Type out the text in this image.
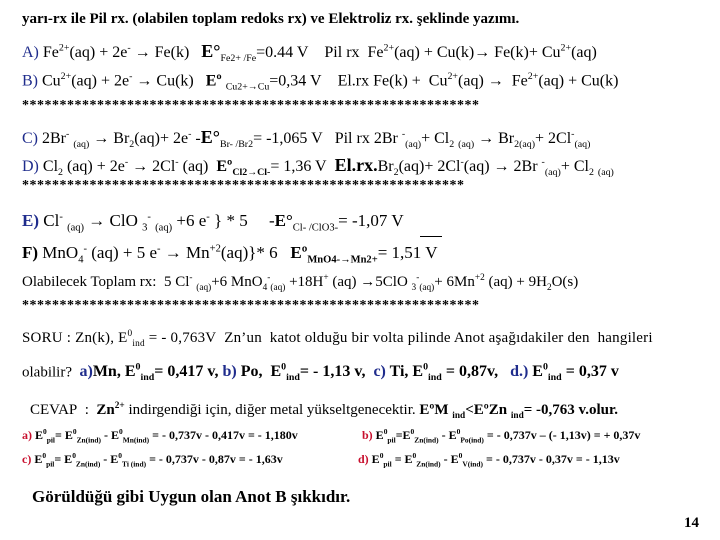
yarı-rx ile Pil rx. (olabilen toplam redoks rx) ve Elektroliz rx. şeklinde yazımı.
A) $Fe^{2+}(aq) + 2e^- \to Fe(k)$   $E^\circ_{Fe2+ /Fe}=0.44$ V    Pil rx  $Fe^{2+}(aq) + Cu(k)\to Fe(k)+ Cu^{2+}(aq)$
B) $Cu^{2+}(aq) + 2e^- \to Cu(k)$   Eº $_{Cu2+\to Cu}$=0,34 V    El.rx $Fe(k) + Cu^{2+}(aq) \to Fe^{2+}(aq) + Cu(k)$
*************************************************************
C) 2Br- $_{(aq)} \to Br_2(aq)+ 2e^-$ $-E^\circ_{Br- /Br2}= -1,065$ V   Pil rx 2Br $^-_{(aq)}+ Cl_2$ $_{(aq)} \to Br_{2(aq)}+ 2Cl^-_{(aq)}$
D) $Cl_2$ (aq) + 2e- → 2Cl- (aq)  Eº$_{Cl2\to Cl-}$= 1,36 V  $El.rx.Br_2(aq)+ 2Cl^-(aq) \to 2Br$ $^-_{(aq)}+ Cl_2$ $_{(aq)}$
***********************************************************
E) Cl- $_{(aq)}$ → ClO $_3$- $_{(aq)}$ +6 e- } * 5     $-E^\circ_{Cl- /ClO3-}= -1,07$ V
F) MnO$_4$- (aq) + 5 $e^- \to Mn^{+2}(aq)\}*$ 6   Eº$_{MnO4-\to Mn2+}$= 1,51 V
Olabilecek Toplam rx:  5 Cl- $_{(aq)}$+6 MnO$_4$-$_{(aq)}$ +18H+ (aq) →5ClO $_3^-_{(aq)}+ 6Mn^{+2}$ $(aq) + 9H_2O(s)$
*************************************************************
SORU : Zn(k), $E^0_{ind}$ = - 0,763V  Zn’un  katot olduğu bir volta pilinde Anot aşağıdakiler den  hangileri
olabilir? a)Mn, $E^0_{ind}= 0,417$ v, b) Po,  $E^0_{ind}= - 1,13$ v,  c) Ti, $E^0_{ind} = 0,87v$,   d.) $E^0_{ind} = 0,37$ v
CEVAP  :  $Zn^{2+}$ indirgendiği için, diğer metal yükseltgenecektir. EºM $_{ind}$<EºZn $_{ind}$= -0,763 v.olur.
a) $E^0_{pil}= E^0_{Zn(ind)} - E^0_{Mn(ind)}$ = - 0,737v - 0,417v = - 1,180v	b) $E^0_{pil}=E^0_{Zn(ind)} - E^0_{Po(ind)}$ = - 0,737v – (- 1,13v) = + 0,37v
c) $E^0_{pil}= E^0_{Zn(ind)} - E^0_{Ti (ind)}$ = - 0,737v - 0,87v = - 1,63v	d) $E^0_{pil} = E^0_{Zn(ind)} - E^0_{V(ind)}$ = - 0,737v - 0,37v = - 1,13v
Görüldüğü gibi Uygun olan Anot B şıkkıdır.
14
